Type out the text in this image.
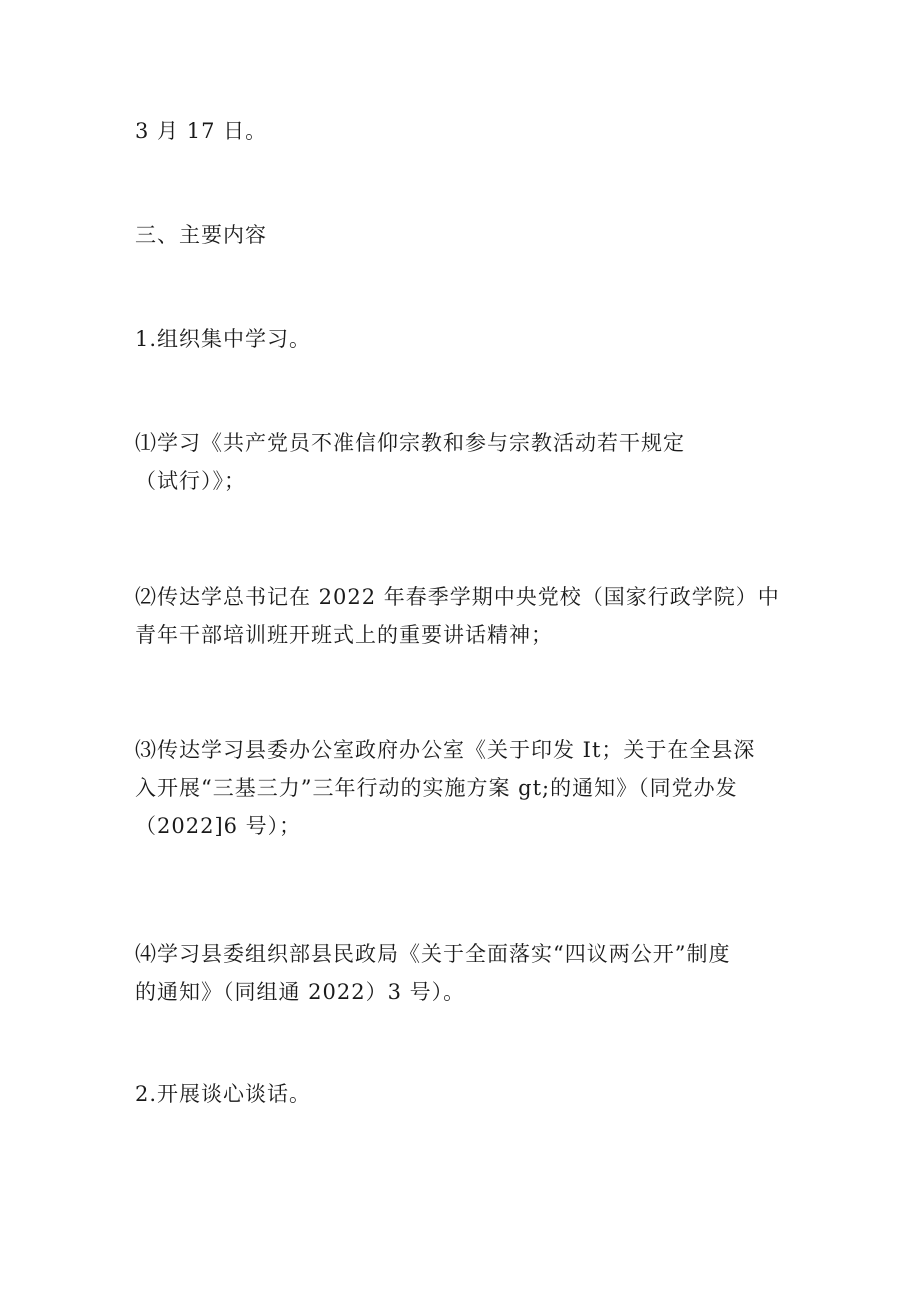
3 月 17 日。

三、主要内容

1.组织集中学习。

⑴学习《共产党员不准信仰宗教和参与宗教活动若干规定
（试行）》；

⑵传达学总书记在 2022 年春季学期中央党校（国家行政学院）中
青年干部培训班开班式上的重要讲话精神；

⑶传达学习县委办公室政府办公室《关于印发 It；关于在全县深
入开展“三基三力”三年行动的实施方案 gt;的通知》（同党办发
（2022]6 号）；

⑷学习县委组织部县民政局《关于全面落实“四议两公开”制度
的通知》（同组通 2022）3 号）。

2.开展谈心谈话。
